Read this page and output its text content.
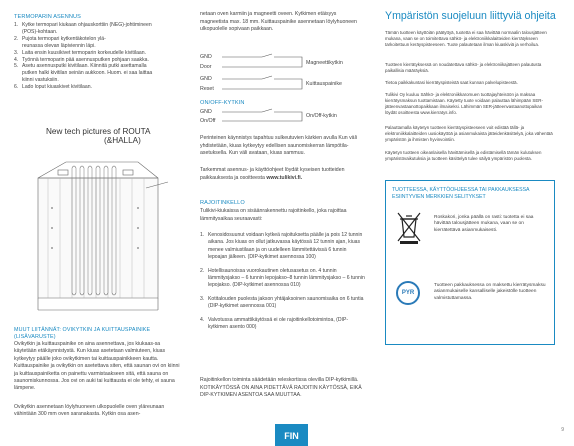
TERMOPARIN ASENNUS
1. Kytke termopari kiukaan ohjauskorttiin (NEG)-johtimineen
(POS)-kohtaan.
2. Pujota termopari kytkentäkotelon ylä-
reunassa olevan läpiviennin läpi.
3. Laita ensin kuusikivet termoparin korkeudelle kivitilaan.
4. Työnnä termoparin pää asennusputken pohjaan saakka.
5. Asetu asennusputki kivitilaan. Kiinnitä putki asettamalla
putken halki kivitilan seinän aukkoon. Huom. ei saa laittaa
kiinni vastuksiin.
6. Lado loput kiuaskivet kivitilaan.
New tech pictures of ROUTA
(&HALLA)
MUUT LIITÄNNÄT: OVIKYTKIN JA KUITTAUSPAINIKE
(LISÄVARUSTE)

Ovikytkin ja kuittauspainike on aina asennettava, jos kiukaas-sa käytetään etäkäynnistystä. Kun kiuas asetetaan valmiuteen, kiuas kytkeytyy päälle joko ovikytkimen tai kuittauspainikkeen kautta. Kuittauspainike ja ovikytkin on asetettava siten, että saunan ovi on kiinni ja kuittauspainiketta on painettu varmistaakseen sitä, että sauna on saunomiskunnossa. Jos ovi on auki tai kuittausta ei ole tehty, ei sauna lämpene.

Ovikytkin asennetaan löylyhuoneen ulkopuolelle oven yläreunaan vähintään 300 mm oven saranakasta. Kytkin osa asen-

netaan oven karmiin ja magneetti oveen. Kytkimen etäisyys magneetista max. 18 mm. Kuittauspainike asennetaan löylyhuoneen ulkopuolelle sopivaan paikkaan.

GND
Door
GND
Reset
Magneettikytkin
Kuittauspainike
ON/OFF-KYTKIN
GND
On/Off
On/Off-kytkin

Perinteinen käynnistys tapahtuu sulkeutuvien kärkien avulla Kun väli yhdistetään, kiuas kytkeytyy edellisen saunomiskerran lämpötila-asetuksella. Kun väli avataan, kiuas sammuu.

Tarkemmat asennus- ja käyttöohjeet löydät kyseisen tuotteiden paikkauksesta ja osoitteesta www.tulikivi.fi.

RAJOITINKELLO

Tulikivi-kiukaissa on sisäänrakennettu rajoitinkello, joka rajoittaa lämmitysaikaa seuraavasti:

1. Kenosidosuunut voidaan kytkeä rajoituksetta päälle ja pois 12 tunnin aikana. Jos kiuas on ollut jatkuvassa käytössä 12 tunnin ajan, kiuas menee valmiustilaan ja on uudelleen lämmitettävissä 6 tunnin lepoajan jälkeen. (DIP-kytkimet asennossa 100)
2. Hotellisaunoissa vuorokautinen oletusasetus on. 4 tunnin lämmitysjakso – 6 tunnin lepojakso–8 tunnin lämmitysjakso – 6 tunnin lepojakso. (DIP-kytkimet asennossa 010)
3. Kotitalouden puolesta jakson yhtäjaksoinen saunomisaika on 6 tuntia (DIP-kytkimet asennossa 001)
4. Valvotussa ammattikäytössä ei ole rajoitinkellotoimintoa, (DIP-kytkimen asento 000)

Rajoitinkellon toiminta säädetään releskortissa olevilla DIP-kytkimillä. KOTIKÄYTÖSSÄ ON AINA PIDETTÄVÄ RAJOITIN KÄYTÖSSÄ, EIKÄ DIP-KYTKIMEN ASENTOA SAA MUUTTAA.

Ympäristön suojeluun liittyviä ohjeita

Tämän tuotteen käyttöiän päätyttyä, tuotetta ei saa hävittää normaalin talousjätteen mukana, vaan se on toimitettava sähkö- ja elektroniikkalaitteiden kierrätykseen tarkoitettuun keräyspisteeseen. Tuote palautetaan ilman kiuaskiviä ja verhoilua.

Tuotteen kierrätyksessä on noudatettava sähkö- ja elektroniikajätteen palautusta paikallisia määräyksiä.

Tietoa paikkakuntasi kierrätyspisteistä saat kunnan palvelupisteestä.

Tulikivi Oy kuuluu Sähkö- ja elektroniikkaromuen tuottajayhteisöön ja maksaa kierrätysmaksun tuottamistaan. Käytetty tuote voidaan palauttaa lähimpään SER-jätteenvastaanottopaikkaan ilmaiseksi. Lähimmän SER-jätteenvastaanottopaikan löydät osoitteesta www.kierratys.info.

Palauttamalla käytetyn tuotteen kierrätyspisteeseen voit edistää tällä- ja elektroniikkalaitteiden uusiokäyttöä ja asianmukaista jätteidenkäsittelyä, joka vähentää ympäristön ja ihmisten hyvinvointiin.

Käytetyn tuotteen oikeanlaisella hävittämisellä ja edistämisellä tämän kulutuksen ympäristövaikutuksia ja tuotteen käsittelyä tulee säilyä ympäristön puolesta.

TUOTTEESSA, KÄYTTÖOHJEESSA TAI PAKKAUKSESSA
ESIINTYVIEN MERKKIEN SELITYKSET

Roskakori, jonka päällä on rasti: tuotetta ei saa hävittää talousjätteen mukana, vaan se on kierrätettävä asianmukaisesti.

PYR

Tuotteen pakkauksessa on maksettu kierrätysmaksu asianmukaiselle kansalliselle jakeistölle tuotteen valmistuttamassa.

FIN
9
